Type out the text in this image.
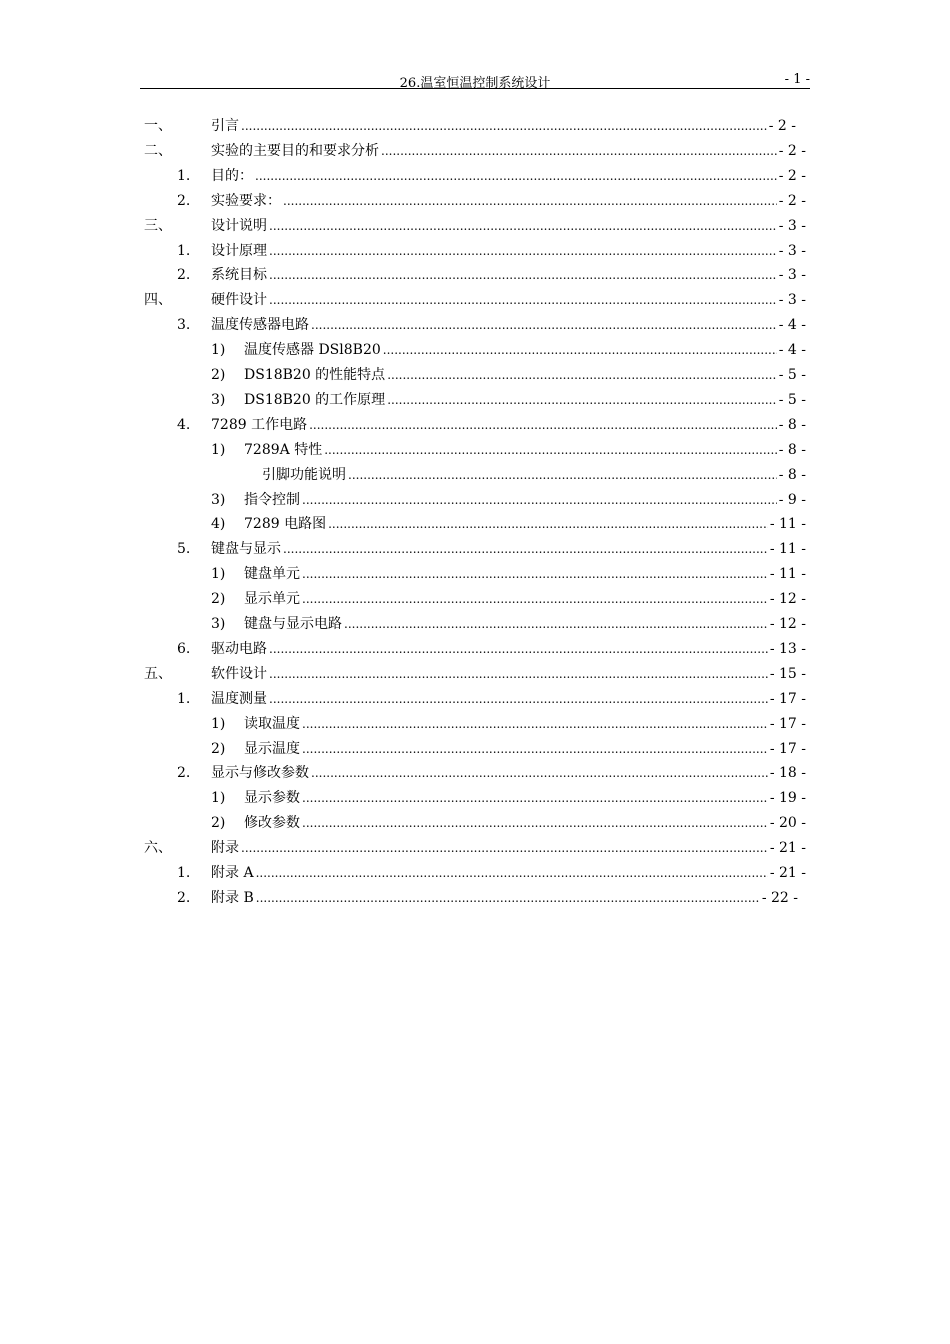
26.温室恒温控制系统设计	- 1 -
一、	引言 .....	- 2 -
二、	实验的主要目的和要求分析 .....	- 2 -
1. 目的： .....	- 2 -
2. 实验要求： .....	- 2 -
三、	设计说明 .....	- 3 -
1. 设计原理 .....	- 3 -
2. 系统目标 .....	- 3 -
四、	硬件设计 .....	- 3 -
3. 温度传感器电路 .....	- 4 -
1) 温度传感器 DSl8B20 .....	- 4 -
2) DS18B20 的性能特点 .....	- 5 -
3) DS18B20 的工作原理 .....	- 5 -
4. 7289 工作电路 .....	- 8 -
1) 7289A 特性 .....	- 8 -
引脚功能说明 .....	- 8 -
3) 指令控制 .....	- 9 -
4) 7289 电路图 .....	- 11 -
5. 键盘与显示 .....	- 11 -
1) 键盘单元 .....	- 11 -
2) 显示单元 .....	- 12 -
3) 键盘与显示电路 .....	- 12 -
6. 驱动电路 .....	- 13 -
五、	软件设计 .....	- 15 -
1. 温度测量 .....	- 17 -
1) 读取温度 .....	- 17 -
2) 显示温度 .....	- 17 -
2. 显示与修改参数 .....	- 18 -
1) 显示参数 .....	- 19 -
2) 修改参数 .....	- 20 -
六、	附录 .....	- 21 -
1. 附录 A .....	- 21 -
2. 附录 B .....	- 22 -
